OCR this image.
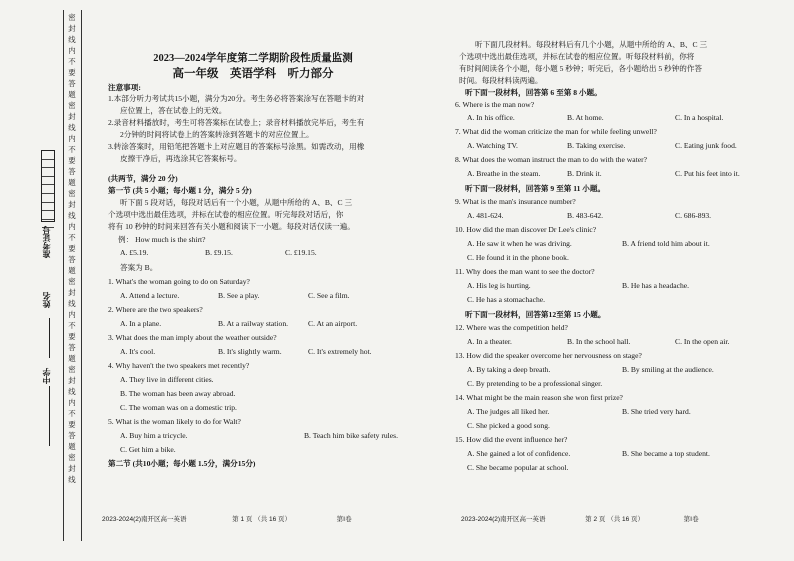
密封线内不要答题密封线内不要答题密封线内不要答题密封线内不要答题密封线内不要答题密封线
准考证号
姓名
中学
2023—2024学年度第二学期阶段性质量监测
高一年级　英语学科　听力部分
注意事项:
1.本部分听力考试共15小题，满分为20分。考生务必将答案涂写在答题卡的对
应位置上，答在试卷上的无效。
2.录音材料播放时，考生可将答案标在试卷上；录音材料播放完毕后，考生有
2分钟的时间将试卷上的答案转涂到答题卡的对应位置上。
3.转涂答案时，用铅笔把答题卡上对应题目的答案标号涂黑。如需改动，用橡
皮擦干净后，再选涂其它答案标号。
(共两节，满分 20 分)
第一节 (共 5 小题；每小题 1 分，满分 5 分)
听下面 5 段对话，每段对话后有一个小题，从题中所给的 A、B、C 三
个选项中选出最佳选项，并标在试卷的相应位置。听完每段对话后，你
将有 10 秒钟的时间来回答有关小题和阅读下一小题。每段对话仅读一遍。
例： How much is the shirt?
A. £5.19.	B. £9.15.	C. £19.15.
答案为 B。
1. What's the woman going to do on Saturday?
A. Attend a lecture.	B. See a play.	C. See a film.
2. Where are the two speakers?
A. In a plane.	B. At a railway station.	C. At an airport.
3. What does the man imply about the weather outside?
A. It's cool.	B. It's slightly warm.	C. It's extremely hot.
4. Why haven't the two speakers met recently?
A. They live in different cities.
B. The woman has been away abroad.
C. The woman was on a domestic trip.
5. What is the woman likely to do for Walt?
A. Buy him a tricycle.	B. Teach him bike safety rules.
C. Get him a bike.
第二节 (共10小题；每小题 1.5分，满分15分)
2023-2024(2)南开区高一英语	第 1 页 （共 16 页）	第Ⅰ卷
听下面几段材料。每段材料后有几个小题，从题中所给的 A、B、C 三
个选项中选出最佳选项，并标在试卷的相应位置。听每段材料前，你将
有时间阅读各个小题，每小题 5 秒钟；听完后，各小题给出 5 秒钟的作答
时间。每段材料读两遍。
听下面一段材料，回答第 6 至第 8 小题。
6. Where is the man now?
A. In his office.	B. At home.	C. In a hospital.
7. What did the woman criticize the man for while feeling unwell?
A. Watching TV.	B. Taking exercise.	C. Eating junk food.
8. What does the woman instruct the man to do with the water?
A. Breathe in the steam.	B. Drink it.	C. Put his feet into it.
听下面一段材料，回答第 9 至第 11 小题。
9. What is the man's insurance number?
A. 481-624.	B. 483-642.	C. 686-893.
10. How did the man discover Dr Lee's clinic?
A. He saw it when he was driving.	B. A friend told him about it.
C. He found it in the phone book.
11. Why does the man want to see the doctor?
A. His leg is hurting.	B. He has a headache.
C. He has a stomachache.
听下面一段材料，回答第12至第 15 小题。
12. Where was the competition held?
A. In a theater.	B. In the school hall.	C. In the open air.
13. How did the speaker overcome her nervousness on stage?
A. By taking a deep breath.	B. By smiling at the audience.
C. By pretending to be a professional singer.
14. What might be the main reason she won first prize?
A. The judges all liked her.	B. She tried very hard.
C. She picked a good song.
15. How did the event influence her?
A. She gained a lot of confidence.	B. She became a top student.
C. She became popular at school.
2023-2024(2)南开区高一英语	第 2 页 （共 16 页）	第Ⅰ卷
